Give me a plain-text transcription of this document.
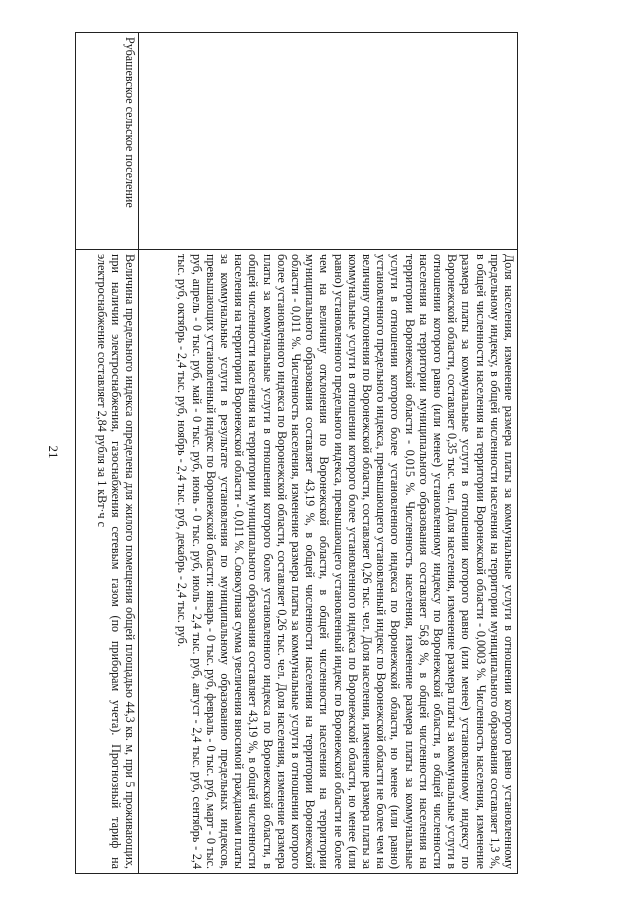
21
		Доля населения, изменение размера платы за коммунальные услуги в отношении которого равно установленному предельному индексу, в общей численности населения на территории муниципального образования составляет 1,3 %, в общей численности населения на территории Воронежской области - 0,0003 %. Численность населения, изменение размера платы за коммунальные услуги в отношении которого равно (или менее) установленному индексу по Воронежской области, составляет 0,35 тыс. чел. Доля населения, изменение размера платы за коммунальные услуги в отношении которого равно (или менее) установленному индексу по Воронежской области, в общей численности населения на территории муниципального образования составляет 56,8 %, в общей численности населения на территории Воронежской области - 0,015 %. Численность населения, изменение размера платы за коммунальные услуги в отношении которого более установленного индекса по Воронежской области, но менее (или равно) установленного предельного индекса, превышающего установленный индекс по Воронежской области не более чем на величину отклонения по Воронежской области, составляет 0,26 тыс. чел. Доля населения, изменение размера платы за коммунальные услуги в отношении которого более установленного индекса по Воронежской области, но менее (или равно) установленного предельного индекса, превышающего установленный индекс по Воронежской области не более чем на величину отклонения по Воронежской области, в общей численности населения на территории муниципального образования составляет 43,19 %, в общей численности населения на территории Воронежской области - 0,011 %. Численность населения, изменение размера платы за коммунальные услуги в отношении которого более установленного индекса по Воронежской области, составляет 0,26 тыс. чел. Доля населения, изменение размера платы за коммунальные услуги в отношении которого более установленного индекса по Воронежской области, в общей численности населения на территории муниципального образования составляет 43,19 %, в общей численности населения на территории Воронежской области - 0,011 %. Совокупная сумма увеличения вносимой гражданами платы за коммунальные услуги в результате установления по муниципальному образованию предельных индексов, превышающих установленный индекс по Воронежской области: январь - 0 тыс. руб, февраль - 0 тыс. руб, март - 0 тыс. руб, апрель - 0 тыс. руб, май - 0 тыс. руб, июнь - 0 тыс. руб, июль - 2,4 тыс. руб, август - 2,4 тыс. руб, сентябрь - 2,4 тыс. руб, октябрь - 2,4 тыс. руб, ноябрь - 2,4 тыс. руб, декабрь - 2,4 тыс. руб.
Рубашевское сельское поселение	Величина предельного индекса определена для жилого помещения общей площадью 44,3 кв. м, при 5 проживающих, при наличии электроснабжения, газоснабжения сетевым газом (по приборам учета). Прогнозный тариф на электроснабжение составляет 2,84 рубля за 1 кВт·ч с
